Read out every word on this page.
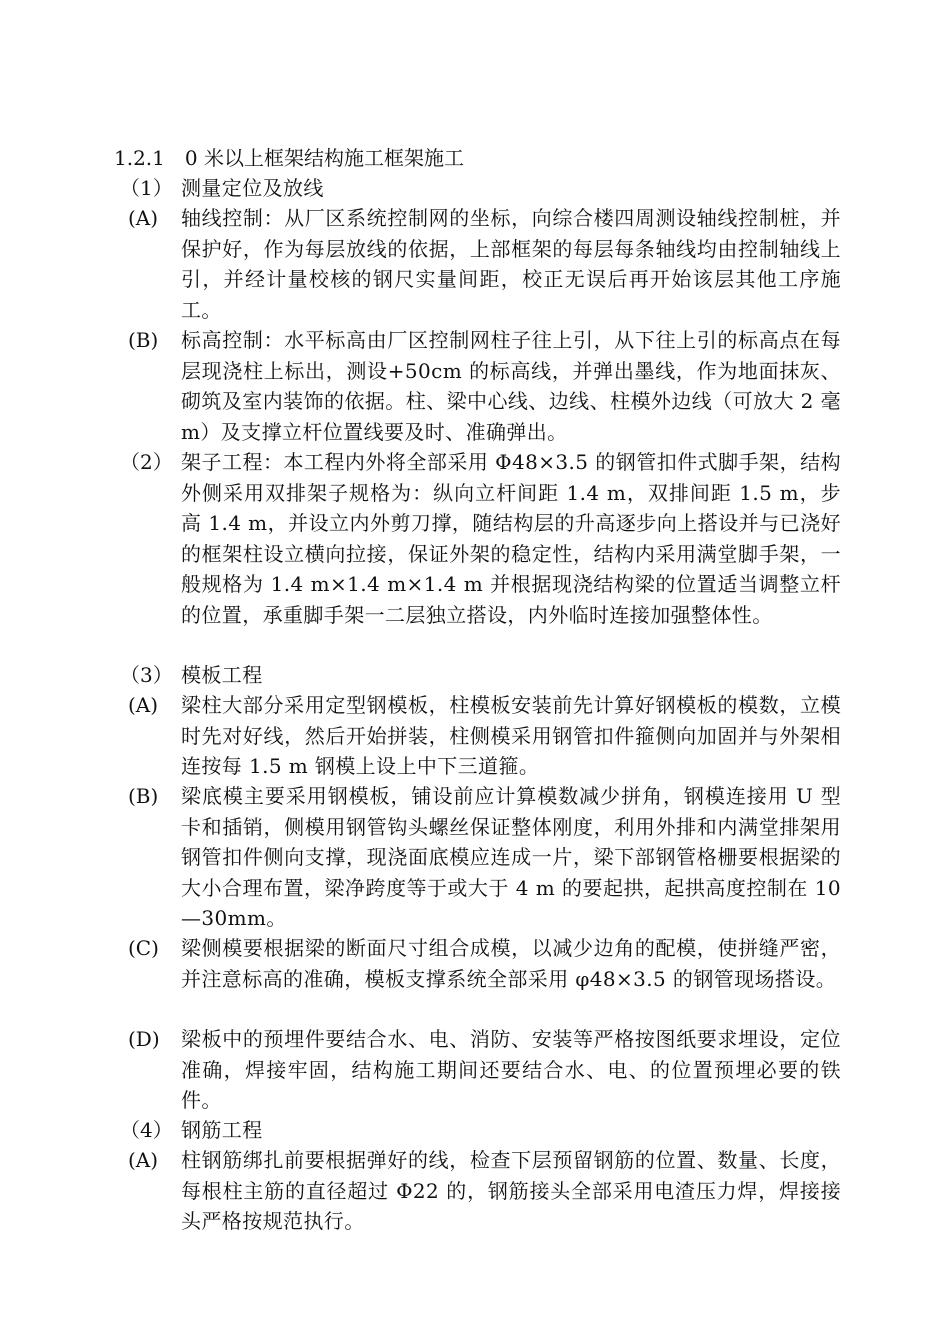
1.2.1　0 米以上框架结构施工框架施工
（1） 测量定位及放线
(A) 轴线控制：从厂区系统控制网的坐标，向综合楼四周测设轴线控制桩，并保护好，作为每层放线的依据，上部框架的每层每条轴线均由控制轴线上引，并经计量校核的钢尺实量间距，校正无误后再开始该层其他工序施工。
(B) 标高控制：水平标高由厂区控制网柱子往上引，从下往上引的标高点在每层现浇柱上标出，测设+50cm 的标高线，并弹出墨线，作为地面抹灰、砌筑及室内装饰的依据。柱、梁中心线、边线、柱模外边线（可放大 2 毫 m）及支撑立杆位置线要及时、准确弹出。
（2） 架子工程：本工程内外将全部采用 Φ48×3.5 的钢管扣件式脚手架，结构外侧采用双排架子规格为：纵向立杆间距 1.4 m，双排间距 1.5 m，步高 1.4 m，并设立内外剪刀撑，随结构层的升高逐步向上搭设并与已浇好的框架柱设立横向拉接，保证外架的稳定性，结构内采用满堂脚手架，一般规格为 1.4 m×1.4 m×1.4 m 并根据现浇结构梁的位置适当调整立杆的位置，承重脚手架一二层独立搭设，内外临时连接加强整体性。
（3） 模板工程
(A) 梁柱大部分采用定型钢模板，柱模板安装前先计算好钢模板的模数，立模时先对好线，然后开始拼装，柱侧模采用钢管扣件箍侧向加固并与外架相连按每 1.5 m 钢模上设上中下三道箍。
(B) 梁底模主要采用钢模板，铺设前应计算模数减少拼角，钢模连接用 U 型卡和插销，侧模用钢管钩头螺丝保证整体刚度，利用外排和内满堂排架用钢管扣件侧向支撑，现浇面底模应连成一片，梁下部钢管格栅要根据梁的大小合理布置，梁净跨度等于或大于 4 m 的要起拱，起拱高度控制在 10—30mm。
(C) 梁侧模要根据梁的断面尺寸组合成模，以减少边角的配模，使拼缝严密，并注意标高的准确，模板支撑系统全部采用 φ48×3.5 的钢管现场搭设。
(D) 梁板中的预埋件要结合水、电、消防、安装等严格按图纸要求埋设，定位准确，焊接牢固，结构施工期间还要结合水、电、的位置预埋必要的铁件。
（4） 钢筋工程
(A) 柱钢筋绑扎前要根据弹好的线，检查下层预留钢筋的位置、数量、长度，每根柱主筋的直径超过 Φ22 的，钢筋接头全部采用电渣压力焊，焊接接头严格按规范执行。
